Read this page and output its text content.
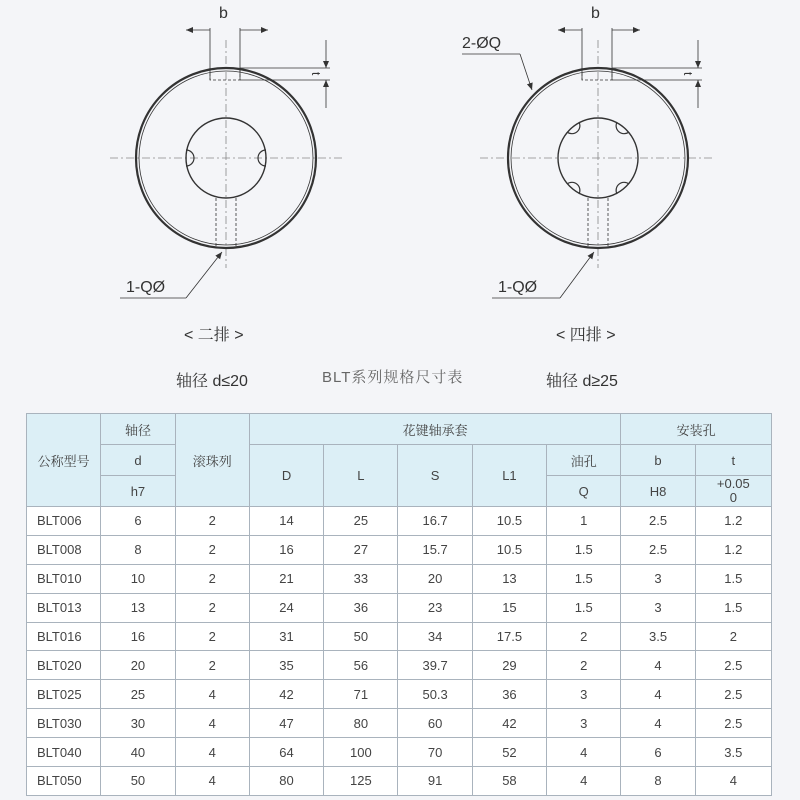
b
t
1-QØ
b
t
2-ØQ
1-QØ
< 二排 >
轴径 d≤20	BLT系列规格尺寸表
< 四排 >
轴径 d≥25
公称型号	轴径	滚珠列	花键轴承套					安装孔	
	d		D	L	S	L1	油孔	b	t
	h7						Q	H8	+0.05
0

BLT006	6	2	14	25	16.7	10.5	1	2.5	1.2
BLT008	8	2	16	27	15.7	10.5	1.5	2.5	1.2
BLT010	10	2	21	33	20	13	1.5	3	1.5
BLT013	13	2	24	36	23	15	1.5	3	1.5
BLT016	16	2	31	50	34	17.5	2	3.5	2
BLT020	20	2	35	56	39.7	29	2	4	2.5
BLT025	25	4	42	71	50.3	36	3	4	2.5
BLT030	30	4	47	80	60	42	3	4	2.5
BLT040	40	4	64	100	70	52	4	6	3.5
BLT050	50	4	80	125	91	58	4	8	4
